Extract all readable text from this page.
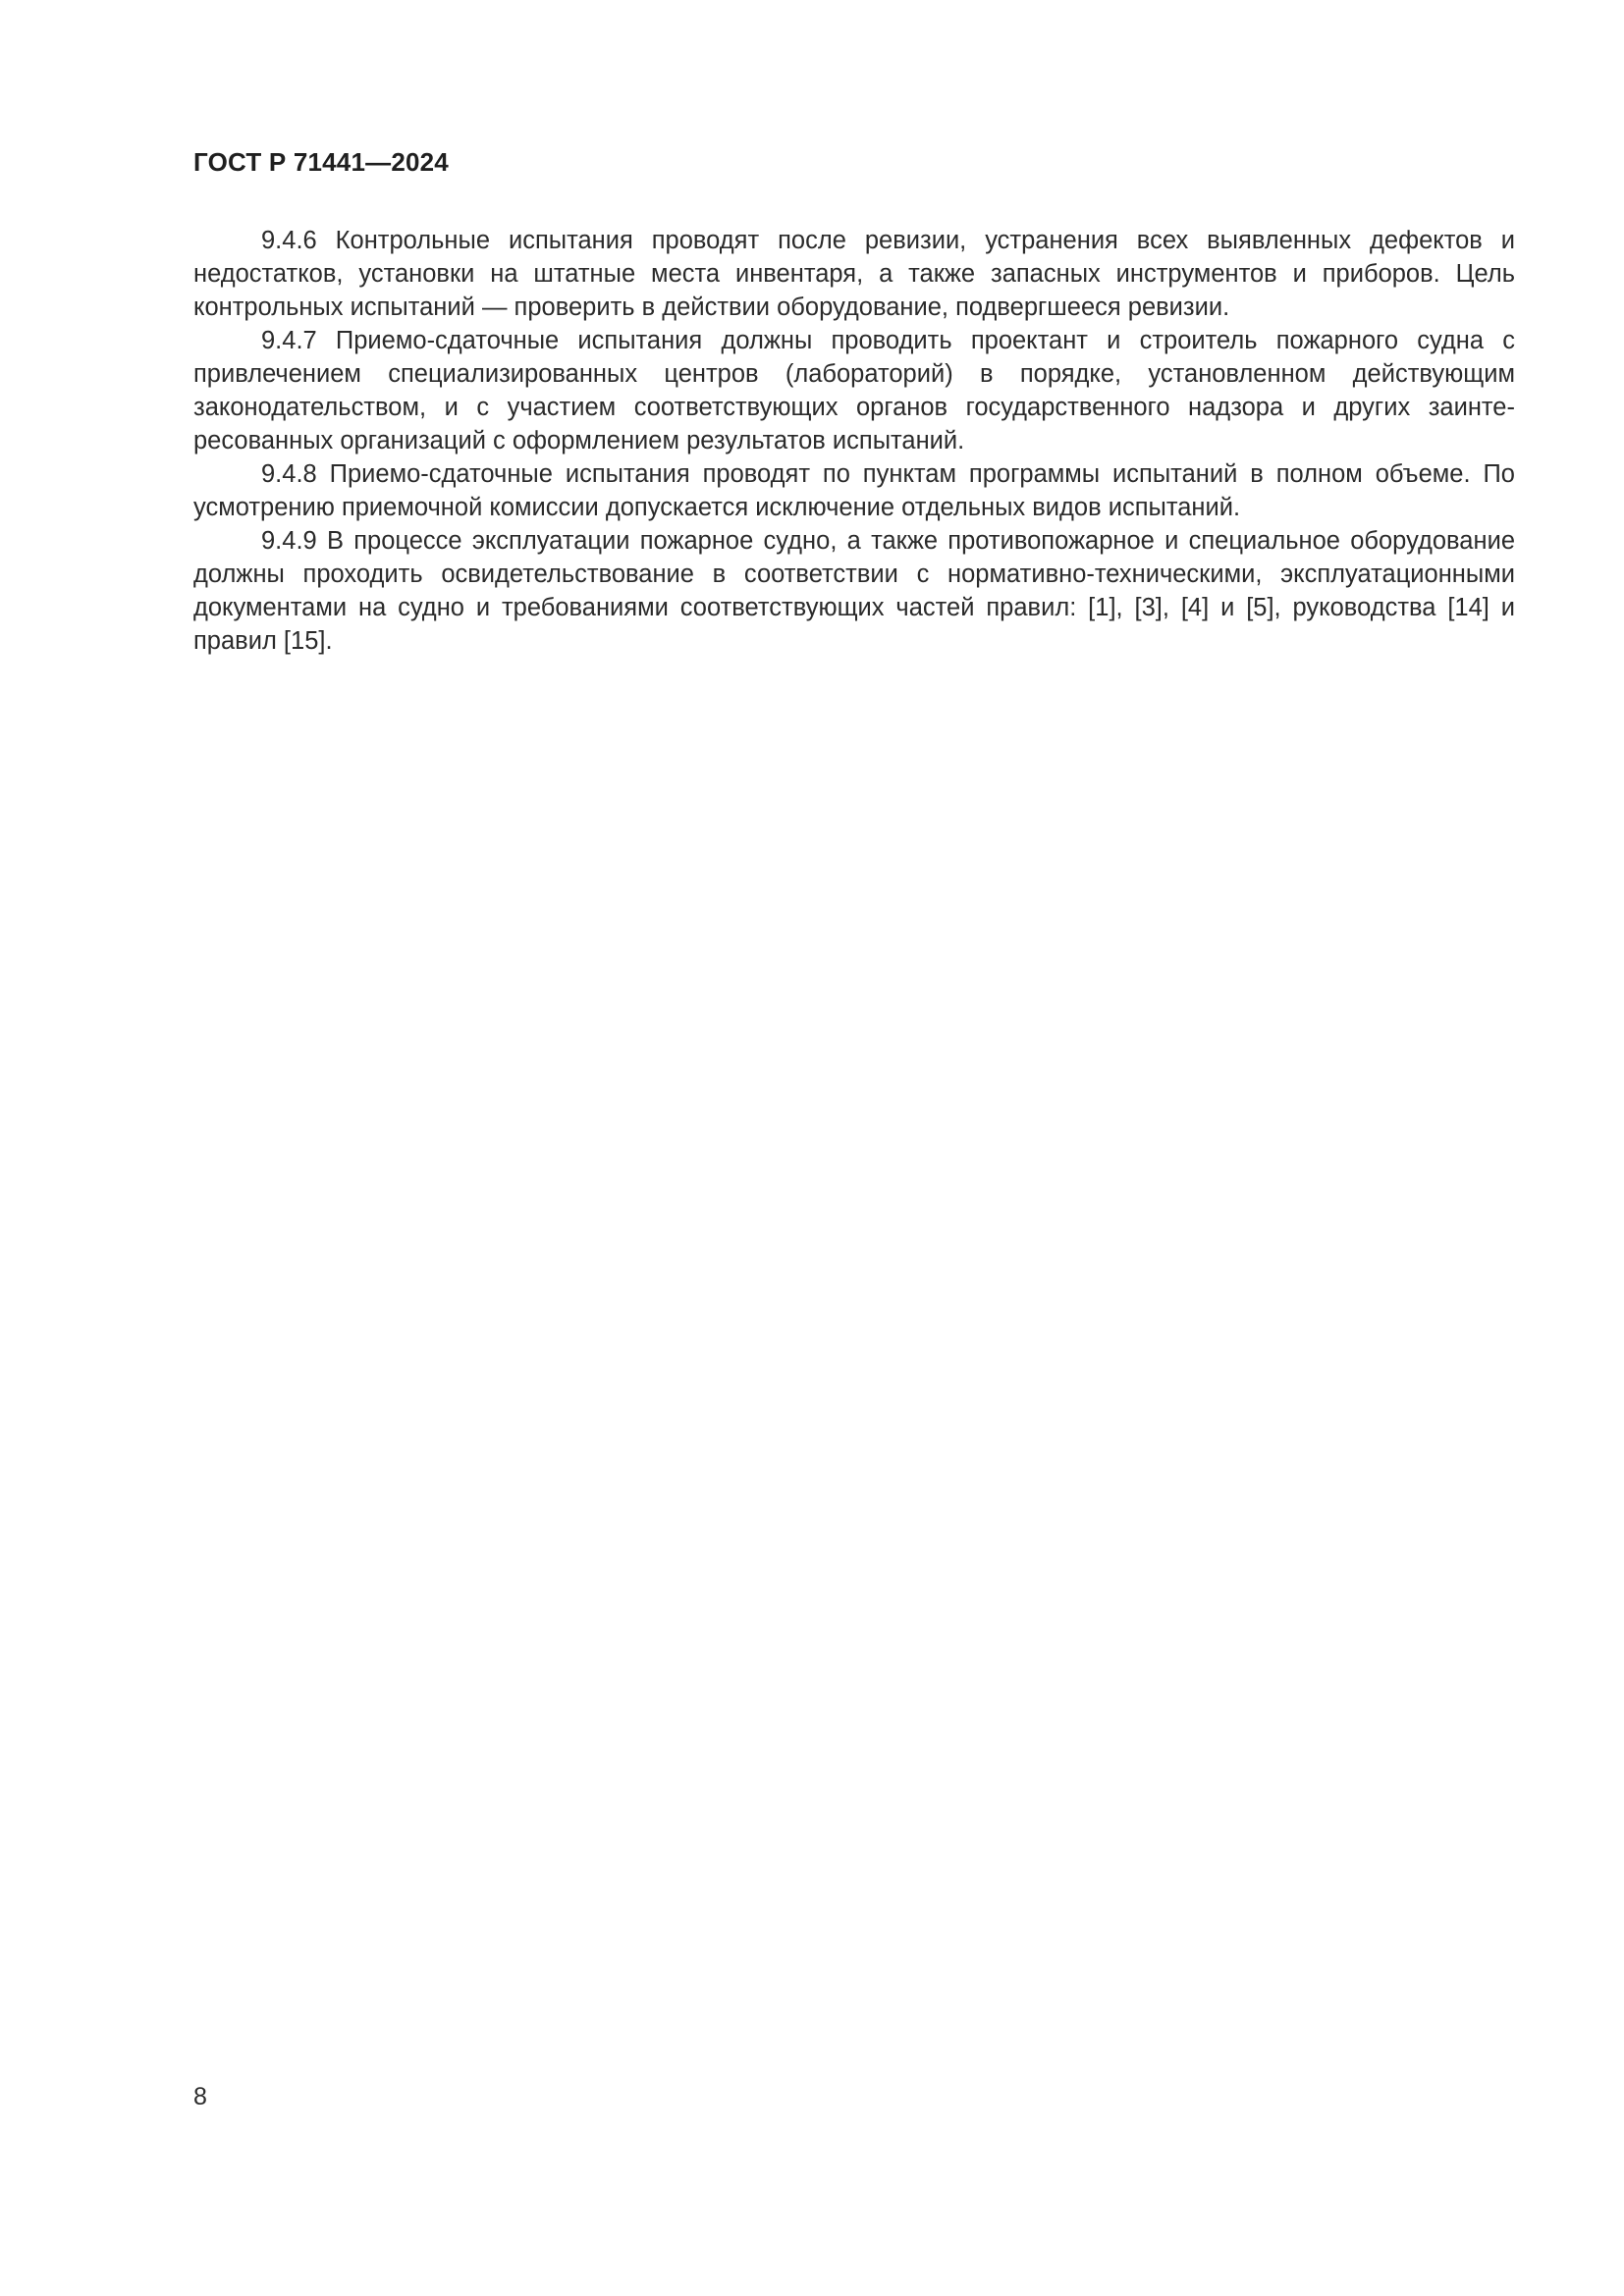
ГОСТ Р 71441—2024

9.4.6 Контрольные испытания проводят после ревизии, устранения всех выявленных дефектов и недостатков, установки на штатные места инвентаря, а также запасных инструментов и приборов. Цель контрольных испытаний — проверить в действии оборудование, подвергшееся ревизии.

9.4.7 Приемо-сдаточные испытания должны проводить проектант и строитель пожарного судна с привлечением специализированных центров (лабораторий) в порядке, установленном действующим законодательством, и с участием соответствующих органов государственного надзора и других заинтересованных организаций с оформлением результатов испытаний.

9.4.8 Приемо-сдаточные испытания проводят по пунктам программы испытаний в полном объеме. По усмотрению приемочной комиссии допускается исключение отдельных видов испытаний.

9.4.9 В процессе эксплуатации пожарное судно, а также противопожарное и специальное оборудование должны проходить освидетельствование в соответствии с нормативно-техническими, эксплуатационными документами на судно и требованиями соответствующих частей правил: [1], [3], [4] и [5], руководства [14] и правил [15].

8
